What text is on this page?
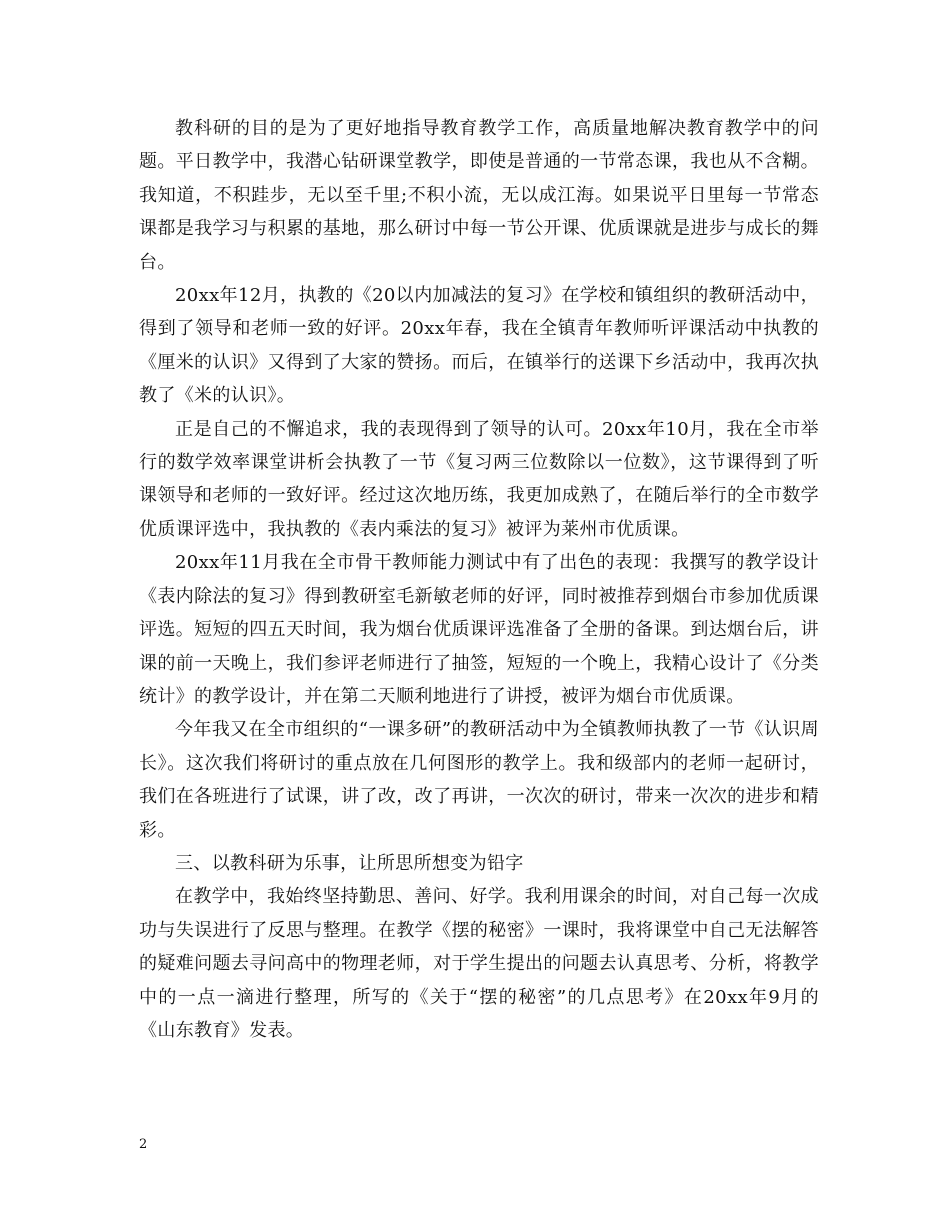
教科研的目的是为了更好地指导教育教学工作，高质量地解决教育教学中的问题。平日教学中，我潜心钻研课堂教学，即使是普通的一节常态课，我也从不含糊。我知道，不积跬步，无以至千里;不积小流，无以成江海。如果说平日里每一节常态课都是我学习与积累的基地，那么研讨中每一节公开课、优质课就是进步与成长的舞台。

20xx年12月，执教的《20以内加减法的复习》在学校和镇组织的教研活动中，得到了领导和老师一致的好评。20xx年春，我在全镇青年教师听评课活动中执教的《厘米的认识》又得到了大家的赞扬。而后，在镇举行的送课下乡活动中，我再次执教了《米的认识》。

正是自己的不懈追求，我的表现得到了领导的认可。20xx年10月，我在全市举行的数学效率课堂讲析会执教了一节《复习两三位数除以一位数》，这节课得到了听课领导和老师的一致好评。经过这次地历练，我更加成熟了，在随后举行的全市数学优质课评选中，我执教的《表内乘法的复习》被评为莱州市优质课。

20xx年11月我在全市骨干教师能力测试中有了出色的表现：我撰写的教学设计《表内除法的复习》得到教研室毛新敏老师的好评，同时被推荐到烟台市参加优质课评选。短短的四五天时间，我为烟台优质课评选准备了全册的备课。到达烟台后，讲课的前一天晚上，我们参评老师进行了抽签，短短的一个晚上，我精心设计了《分类统计》的教学设计，并在第二天顺利地进行了讲授，被评为烟台市优质课。

今年我又在全市组织的“一课多研”的教研活动中为全镇教师执教了一节《认识周长》。这次我们将研讨的重点放在几何图形的教学上。我和级部内的老师一起研讨，我们在各班进行了试课，讲了改，改了再讲，一次次的研讨，带来一次次的进步和精彩。

三、以教科研为乐事，让所思所想变为铅字

在教学中，我始终坚持勤思、善问、好学。我利用课余的时间，对自己每一次成功与失误进行了反思与整理。在教学《摆的秘密》一课时，我将课堂中自己无法解答的疑难问题去寻问高中的物理老师，对于学生提出的问题去认真思考、分析，将教学中的一点一滴进行整理，所写的《关于“摆的秘密”的几点思考》在20xx年9月的《山东教育》发表。

2
